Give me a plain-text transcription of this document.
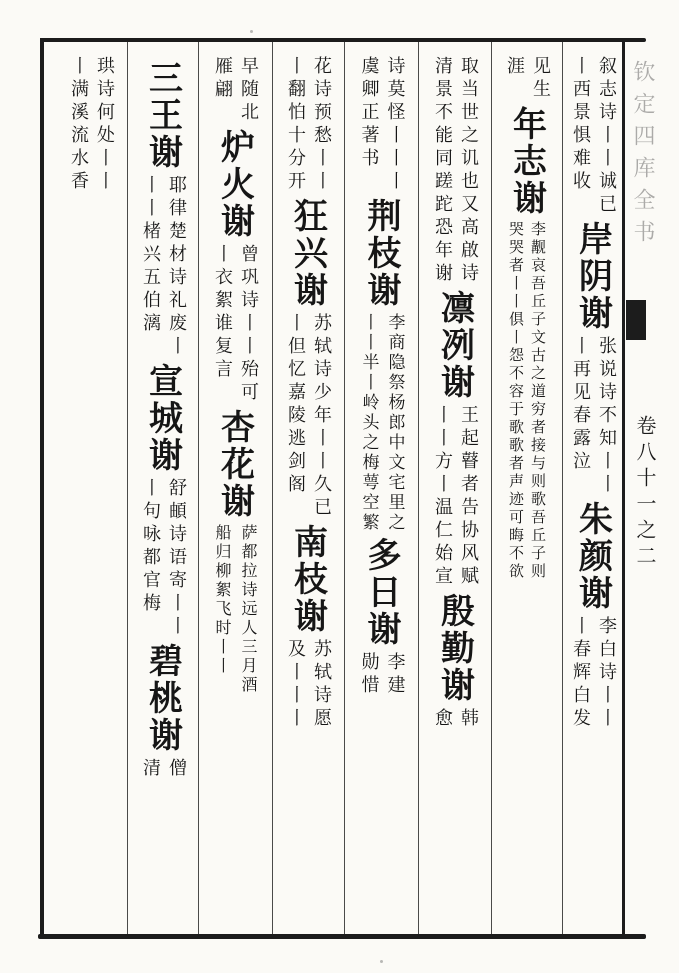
钦定四库全书
卷八十一之二
叙志诗丨丨诚已
丨西景惧难收
岸阴谢
张说诗不知丨丨
丨再见春露泣
朱颜谢
李白诗丨丨
丨春辉白发
见生
涯
年志谢
李觏哀吾丘子文古之道穷者接与则歌吾丘子则
哭哭者丨丨俱丨怨不容于歌歌者声迹可晦不欲
取当世之讥也又高啟诗
清景不能同蹉跎恐年谢
凛冽谢
王起瞽者告协风赋
丨丨方丨温仁始宣
殷勤谢
韩
愈
诗莫怪丨丨丨
虞卿正著书
荆枝谢
李商隐祭杨郎中文宅里之
丨丨半丨岭头之梅萼空繁
多日谢
李建
勋惜
花诗预愁丨丨
丨翻怕十分开
狂兴谢
苏轼诗少年丨丨久已
丨但忆嘉陵逃剑阁
南枝谢
苏轼诗愿
及丨丨丨
早随北
雁翩
炉火谢
曾巩诗丨丨殆可
丨衣絮谁复言
杏花谢
萨都拉诗远人三月酒
船归柳絮飞时丨丨
三王谢
耶律楚材诗礼废丨
丨丨楮兴五伯漓
宣城谢
舒頔诗语寄丨丨
丨句咏都官梅
碧桃谢
僧
清
珙诗何处丨丨
丨满溪流水香
